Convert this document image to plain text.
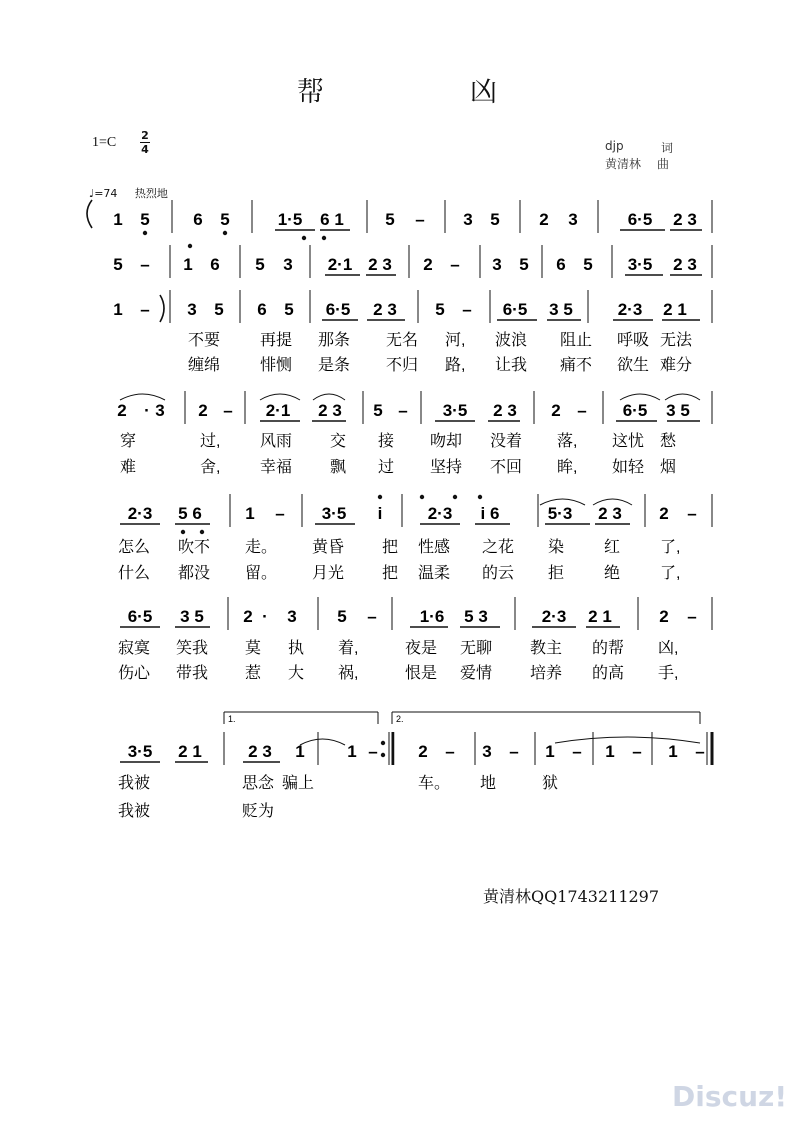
帮	凶
1=C 2
4	djp	词
黄清林 曲
♩=74 热烈地
1 5	6 5	1·5 6 1 5 – 3 5 2 3	6·5 2 3
5 – 1 6 5 3 2·1 2 3 2 – 3 5 6 5 3·5 2 3
1 – 3 5 6 5 6·5 2 3 5 – 6·5 3 5	2·3 2 1
不要 再提 那条 无名 河, 波浪 阻止 呼吸 无法
缠绵 悱恻 是条 不归 路, 让我 痛不 欲生 难分
2 · 3 2 – 2·1 2 3 5 – 3·5 2 3 2 – 6·5 3 5
穿	过, 风雨 交 接 吻却 没着 落, 这忧 愁
难	舍, 幸福 飘 过 坚持 不回 眸, 如轻 烟
2·3 5 6	1 – 3·5 i	2·3 i 6	5·3 2 3 2 –
怎么 吹不 走。 黄昏 把 性感 之花 染 红 了,
什么 都没 留。 月光 把 温柔 的云 拒 绝 了,
6·5 3 5 2 · 3 5 –	1·6 5 3	2·3 2 1	2 –
寂寞 笑我 莫 执 着,	夜是 无聊 教主 的帮 凶,
伤心 带我 惹 大 祸,	恨是 爱情 培养 的高 手,
3·5 2 1	2 3 1	1 – 2 – 3 – 1 – 1 – 1 –
我被	思念 骗上	车。 地	狱
我被	贬为
1.	2.
黄清林QQ1743211297
Discuz!
